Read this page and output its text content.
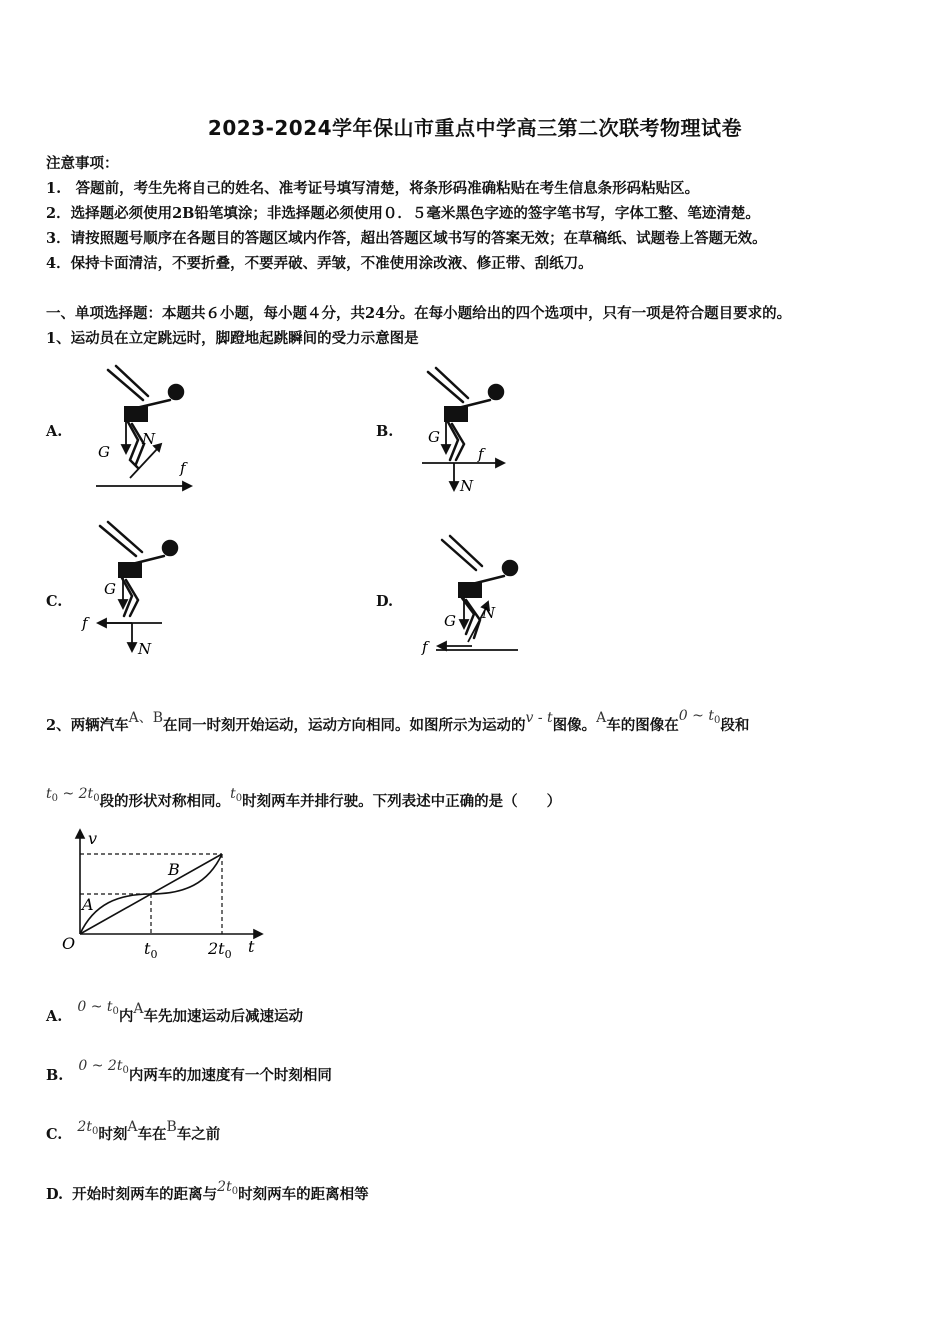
2023-2024学年保山市重点中学高三第二次联考物理试卷
注意事项：
1.　答题前，考生先将自己的姓名、准考证号填写清楚，将条形码准确粘贴在考生信息条形码粘贴区。
2．选择题必须使用2B铅笔填涂；非选择题必须使用０．５毫米黑色字迹的签字笔书写，字体工整、笔迹清楚。
3．请按照题号顺序在各题目的答题区域内作答，超出答题区域书写的答案无效；在草稿纸、试题卷上答题无效。
4．保持卡面清洁，不要折叠，不要弄破、弄皱，不准使用涂改液、修正带、刮纸刀。
一、单项选择题：本题共６小题，每小题４分，共24分。在每小题给出的四个选项中，只有一项是符合题目要求的。
1、运动员在立定跳远时，脚蹬地起跳瞬间的受力示意图是
A.	B.
C.	D.
G
N
f
G
N
f
G
N
f	G N
f
2、两辆汽车A、B在同一时刻开始运动，运动方向相同。如图所示为运动的v - t图像。A车的图像在0 ~ $t_0$段和
$t_0$ ~ $2t_0$段的形状对称相同。$t_0$时刻两车并排行驶。下列表述中正确的是（　　）
v
t
O	$t_0$	$2t_0$
A
B
A. 0 ~ $t_0$内A车先加速运动后减速运动
B. 0 ~ $2t_0$内两车的加速度有一个时刻相同
C. $2t_0$时刻A车在B车之前
D. 开始时刻两车的距离与$2t_0$时刻两车的距离相等
